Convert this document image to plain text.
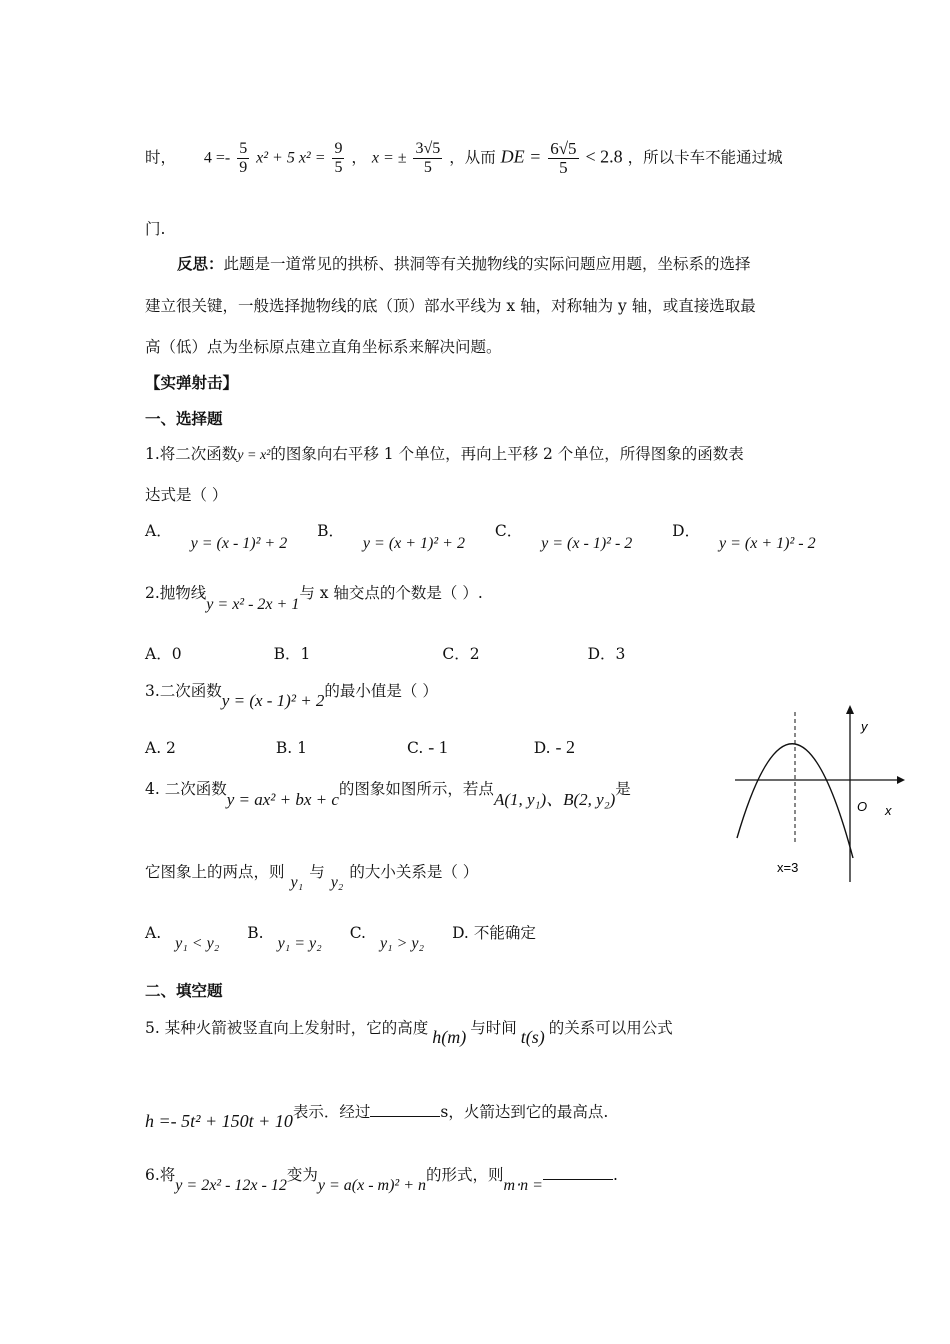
时， $4 =- \frac{5}{9} x^2 + 5$ $x^2 = \frac{9}{5}$ ， x = ± $\frac{3√5}{5}$ ，从而 DE = $\frac{6√5}{5} < 2.8$ ，所以卡车不能通过城
门.
反思：此题是一道常见的拱桥、拱洞等有关抛物线的实际问题应用题，坐标系的选择
建立很关键，一般选择抛物线的底（顶）部水平线为 x 轴，对称轴为 y 轴，或直接选取最
高（低）点为坐标原点建立直角坐标系来解决问题。
【实弹射击】
一、选择题
1.将二次函数y = x²的图象向右平移 1 个单位，再向上平移 2 个单位，所得图象的函数表
达式是（ ）
A． y = (x - 1)² + 2  B． y = (x + 1)² + 2  C． y = (x - 1)² - 2  D． y = (x + 1)² - 2
2.抛物线y = x² - 2x + 1与 x 轴交点的个数是（ ）.
A．0	B．1	C．2	D．3
3.二次函数y = (x - 1)² + 2的最小值是（ ）
A. 2	B. 1	C. - 1	D. - 2
4. 二次函数y = ax² + bx + c的图象如图所示，若点A(1, y₁)、B(2, y₂)是
它图象上的两点，则y₁与y₂的大小关系是（ ）
A.y₁ < y₂B.y₁ = y₂C.y₁ > y₂D. 不能确定
y
O x
x=3
二、填空题
5. 某种火箭被竖直向上发射时，它的高度 h(m) 与时间 t(s) 的关系可以用公式
h =- 5t² + 150t + 10表示．经过	s，火箭达到它的最高点.
6.将y = 2x² - 12x - 12变为y = a(x - m)² + n的形式，则m⋅n =.
